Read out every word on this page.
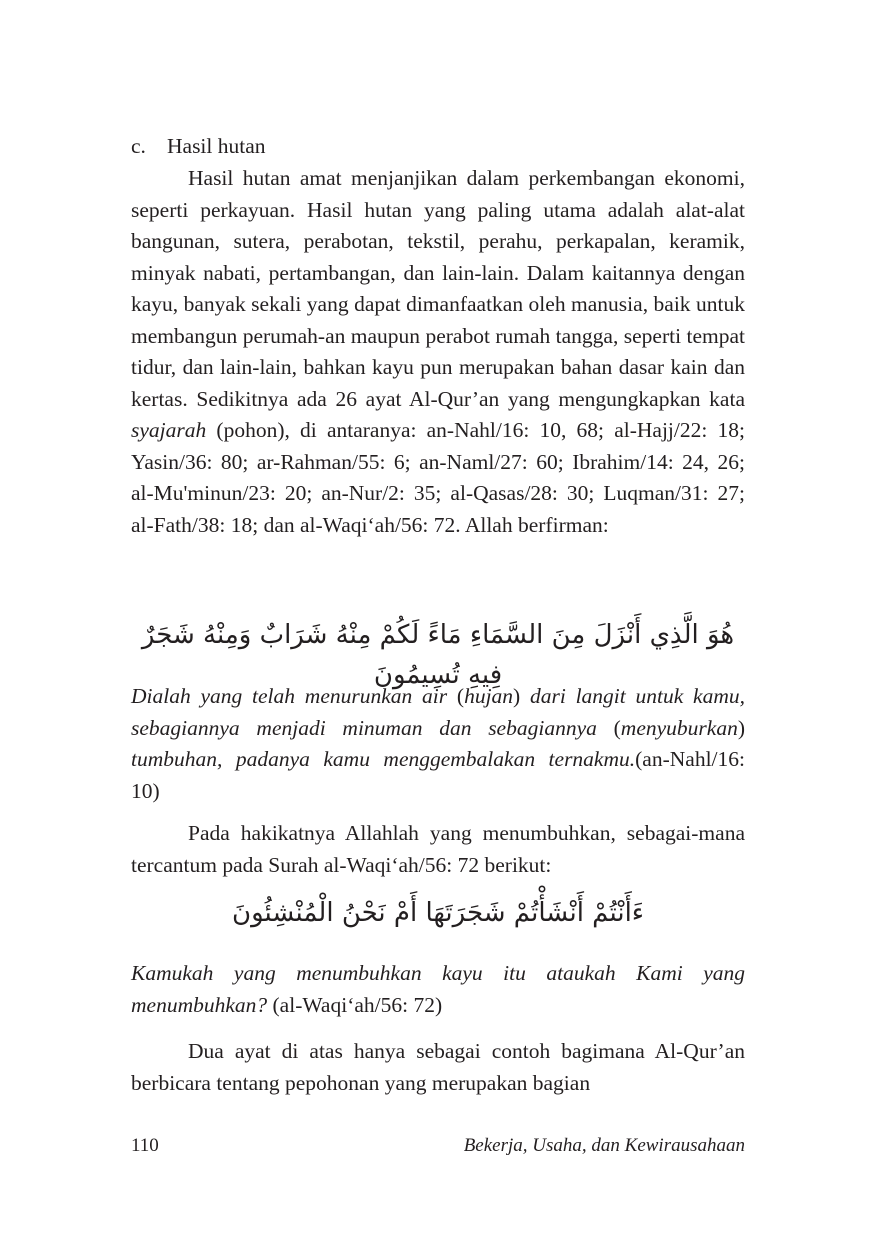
c. Hasil hutan

Hasil hutan amat menjanjikan dalam perkembangan ekonomi, seperti perkayuan. Hasil hutan yang paling utama adalah alat-alat bangunan, sutera, perabotan, tekstil, perahu, perkapalan, keramik, minyak nabati, pertambangan, dan lain-lain. Dalam kaitannya dengan kayu, banyak sekali yang dapat dimanfaatkan oleh manusia, baik untuk membangun perumah-an maupun perabot rumah tangga, seperti tempat tidur, dan lain-lain, bahkan kayu pun merupakan bahan dasar kain dan kertas. Sedikitnya ada 26 ayat Al-Qur’an yang mengungkapkan kata syajarah (pohon), di antaranya: an-Nahl/16: 10, 68; al-Hajj/22: 18; Yasin/36: 80; ar-Rahman/55: 6; an-Naml/27: 60; Ibrahim/14: 24, 26; al-Mu'minun/23: 20; an-Nur/2: 35; al-Qasas/28: 30; Luqman/31: 27; al-Fath/38: 18; dan al-Waqi‘ah/56: 72. Allah berfirman:

هُوَ الَّذِي أَنْزَلَ مِنَ السَّمَاءِ مَاءً لَكُمْ مِنْهُ شَرَابٌ وَمِنْهُ شَجَرٌ فِيهِ تُسِيمُونَ

Dialah yang telah menurunkan air (hujan) dari langit untuk kamu, sebagiannya menjadi minuman dan sebagiannya (menyuburkan) tumbuhan, padanya kamu menggembalakan ternakmu.(an-Nahl/16: 10)

Pada hakikatnya Allahlah yang menumbuhkan, sebagai-mana tercantum pada Surah al-Waqi‘ah/56: 72 berikut:

ءَأَنْتُمْ أَنْشَأْتُمْ شَجَرَتَهَا أَمْ نَحْنُ الْمُنْشِئُونَ

Kamukah yang menumbuhkan kayu itu ataukah Kami yang menumbuhkan? (al-Waqi‘ah/56: 72)

Dua ayat di atas hanya sebagai contoh bagimana Al-Qur’an berbicara tentang pepohonan yang merupakan bagian

110	Bekerja, Usaha, dan Kewirausahaan
